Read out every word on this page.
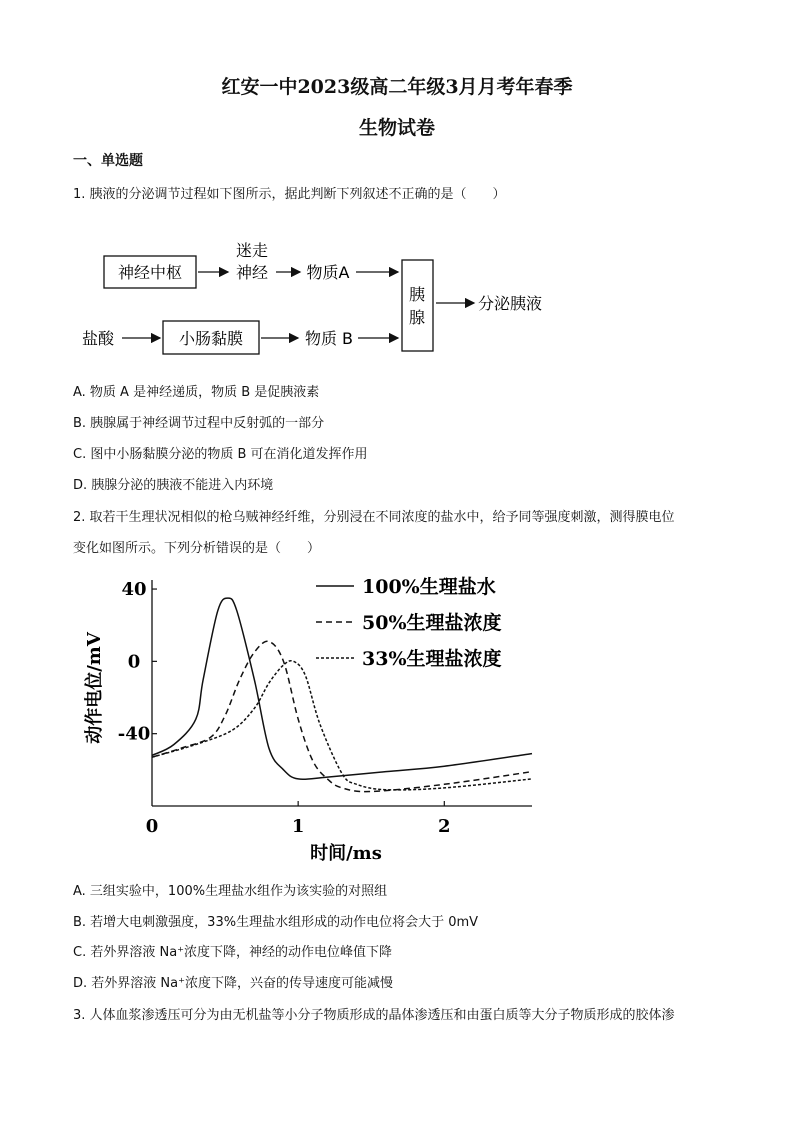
红安一中2023级高二年级3月月考年春季
生物试卷
一、单选题
1. 胰液的分泌调节过程如下图所示，据此判断下列叙述不正确的是（　　）
神经中枢
迷走
神经 物质A
盐酸	小肠黏膜	物质 B
胰
腺
分泌胰液
A. 物质 A 是神经递质，物质 B 是促胰液素
B. 胰腺属于神经调节过程中反射弧的一部分
C. 图中小肠黏膜分泌的物质 B 可在消化道发挥作用
D. 胰腺分泌的胰液不能进入内环境
2. 取若干生理状况相似的枪乌贼神经纤维，分别浸在不同浓度的盐水中，给予同等强度刺激，测得膜电位
变化如图所示。下列分析错误的是（　　）
0	1	2
40
0
-40
100%生理盐水
50%生理盐浓度
33%生理盐浓度
时间/ms
动作电位/mV
A. 三组实验中，100%生理盐水组作为该实验的对照组
B. 若增大电刺激强度，33%生理盐水组形成的动作电位将会大于 0mV
C. 若外界溶液 Na⁺浓度下降，神经的动作电位峰值下降
D. 若外界溶液 Na⁺浓度下降，兴奋的传导速度可能减慢
3. 人体血浆渗透压可分为由无机盐等小分子物质形成的晶体渗透压和由蛋白质等大分子物质形成的胶体渗
